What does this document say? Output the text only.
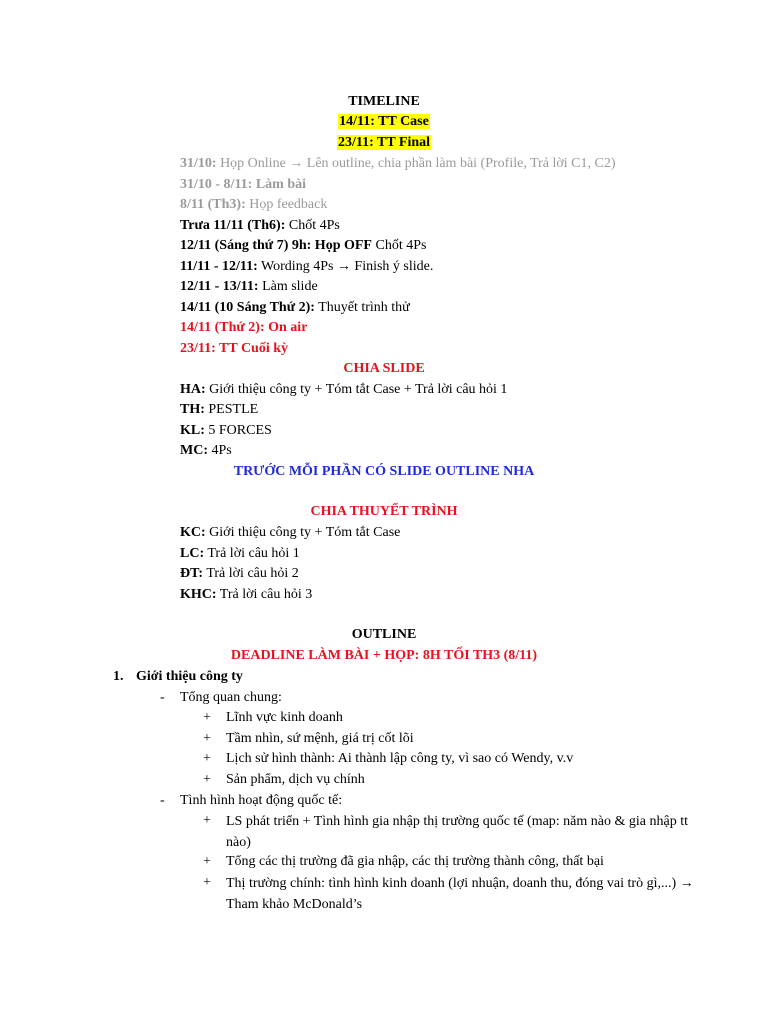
TIMELINE
14/11: TT Case
23/11: TT Final
31/10: Họp Online → Lên outline, chia phần làm bài (Profile, Trả lời C1, C2)
31/10 - 8/11: Làm bài
8/11 (Th3): Họp feedback
Trưa 11/11 (Th6): Chốt 4Ps
12/11 (Sáng thứ 7) 9h: Họp OFF Chốt 4Ps
11/11 - 12/11: Wording 4Ps → Finish ý slide.
12/11 - 13/11: Làm slide
14/11 (10 Sáng Thứ 2): Thuyết trình thử
14/11 (Thứ 2): On air
23/11: TT Cuối kỳ
CHIA SLIDE
HA: Giới thiệu công ty + Tóm tắt Case + Trả lời câu hỏi 1
TH: PESTLE
KL: 5 FORCES
MC: 4Ps
TRƯỚC MỖI PHẦN CÓ SLIDE OUTLINE NHA
CHIA THUYẾT TRÌNH
KC: Giới thiệu công ty + Tóm tắt Case
LC: Trả lời câu hỏi 1
ĐT: Trả lời câu hỏi 2
KHC: Trả lời câu hỏi 3
OUTLINE
DEADLINE LÀM BÀI + HỌP: 8H TỐI TH3 (8/11)
1. Giới thiệu công ty
- Tổng quan chung:
+ Lĩnh vực kinh doanh
+ Tầm nhìn, sứ mệnh, giá trị cốt lõi
+ Lịch sử hình thành: Ai thành lập công ty, vì sao có Wendy, v.v
+ Sản phẩm, dịch vụ chính
- Tình hình hoạt động quốc tế:
+ LS phát triển + Tình hình gia nhập thị trường quốc tế (map: năm nào & gia nhập tt nào)
+ Tổng các thị trường đã gia nhập, các thị trường thành công, thất bại
+ Thị trường chính: tình hình kinh doanh (lợi nhuận, doanh thu, đóng vai trò gì,...) → Tham khảo McDonald’s
